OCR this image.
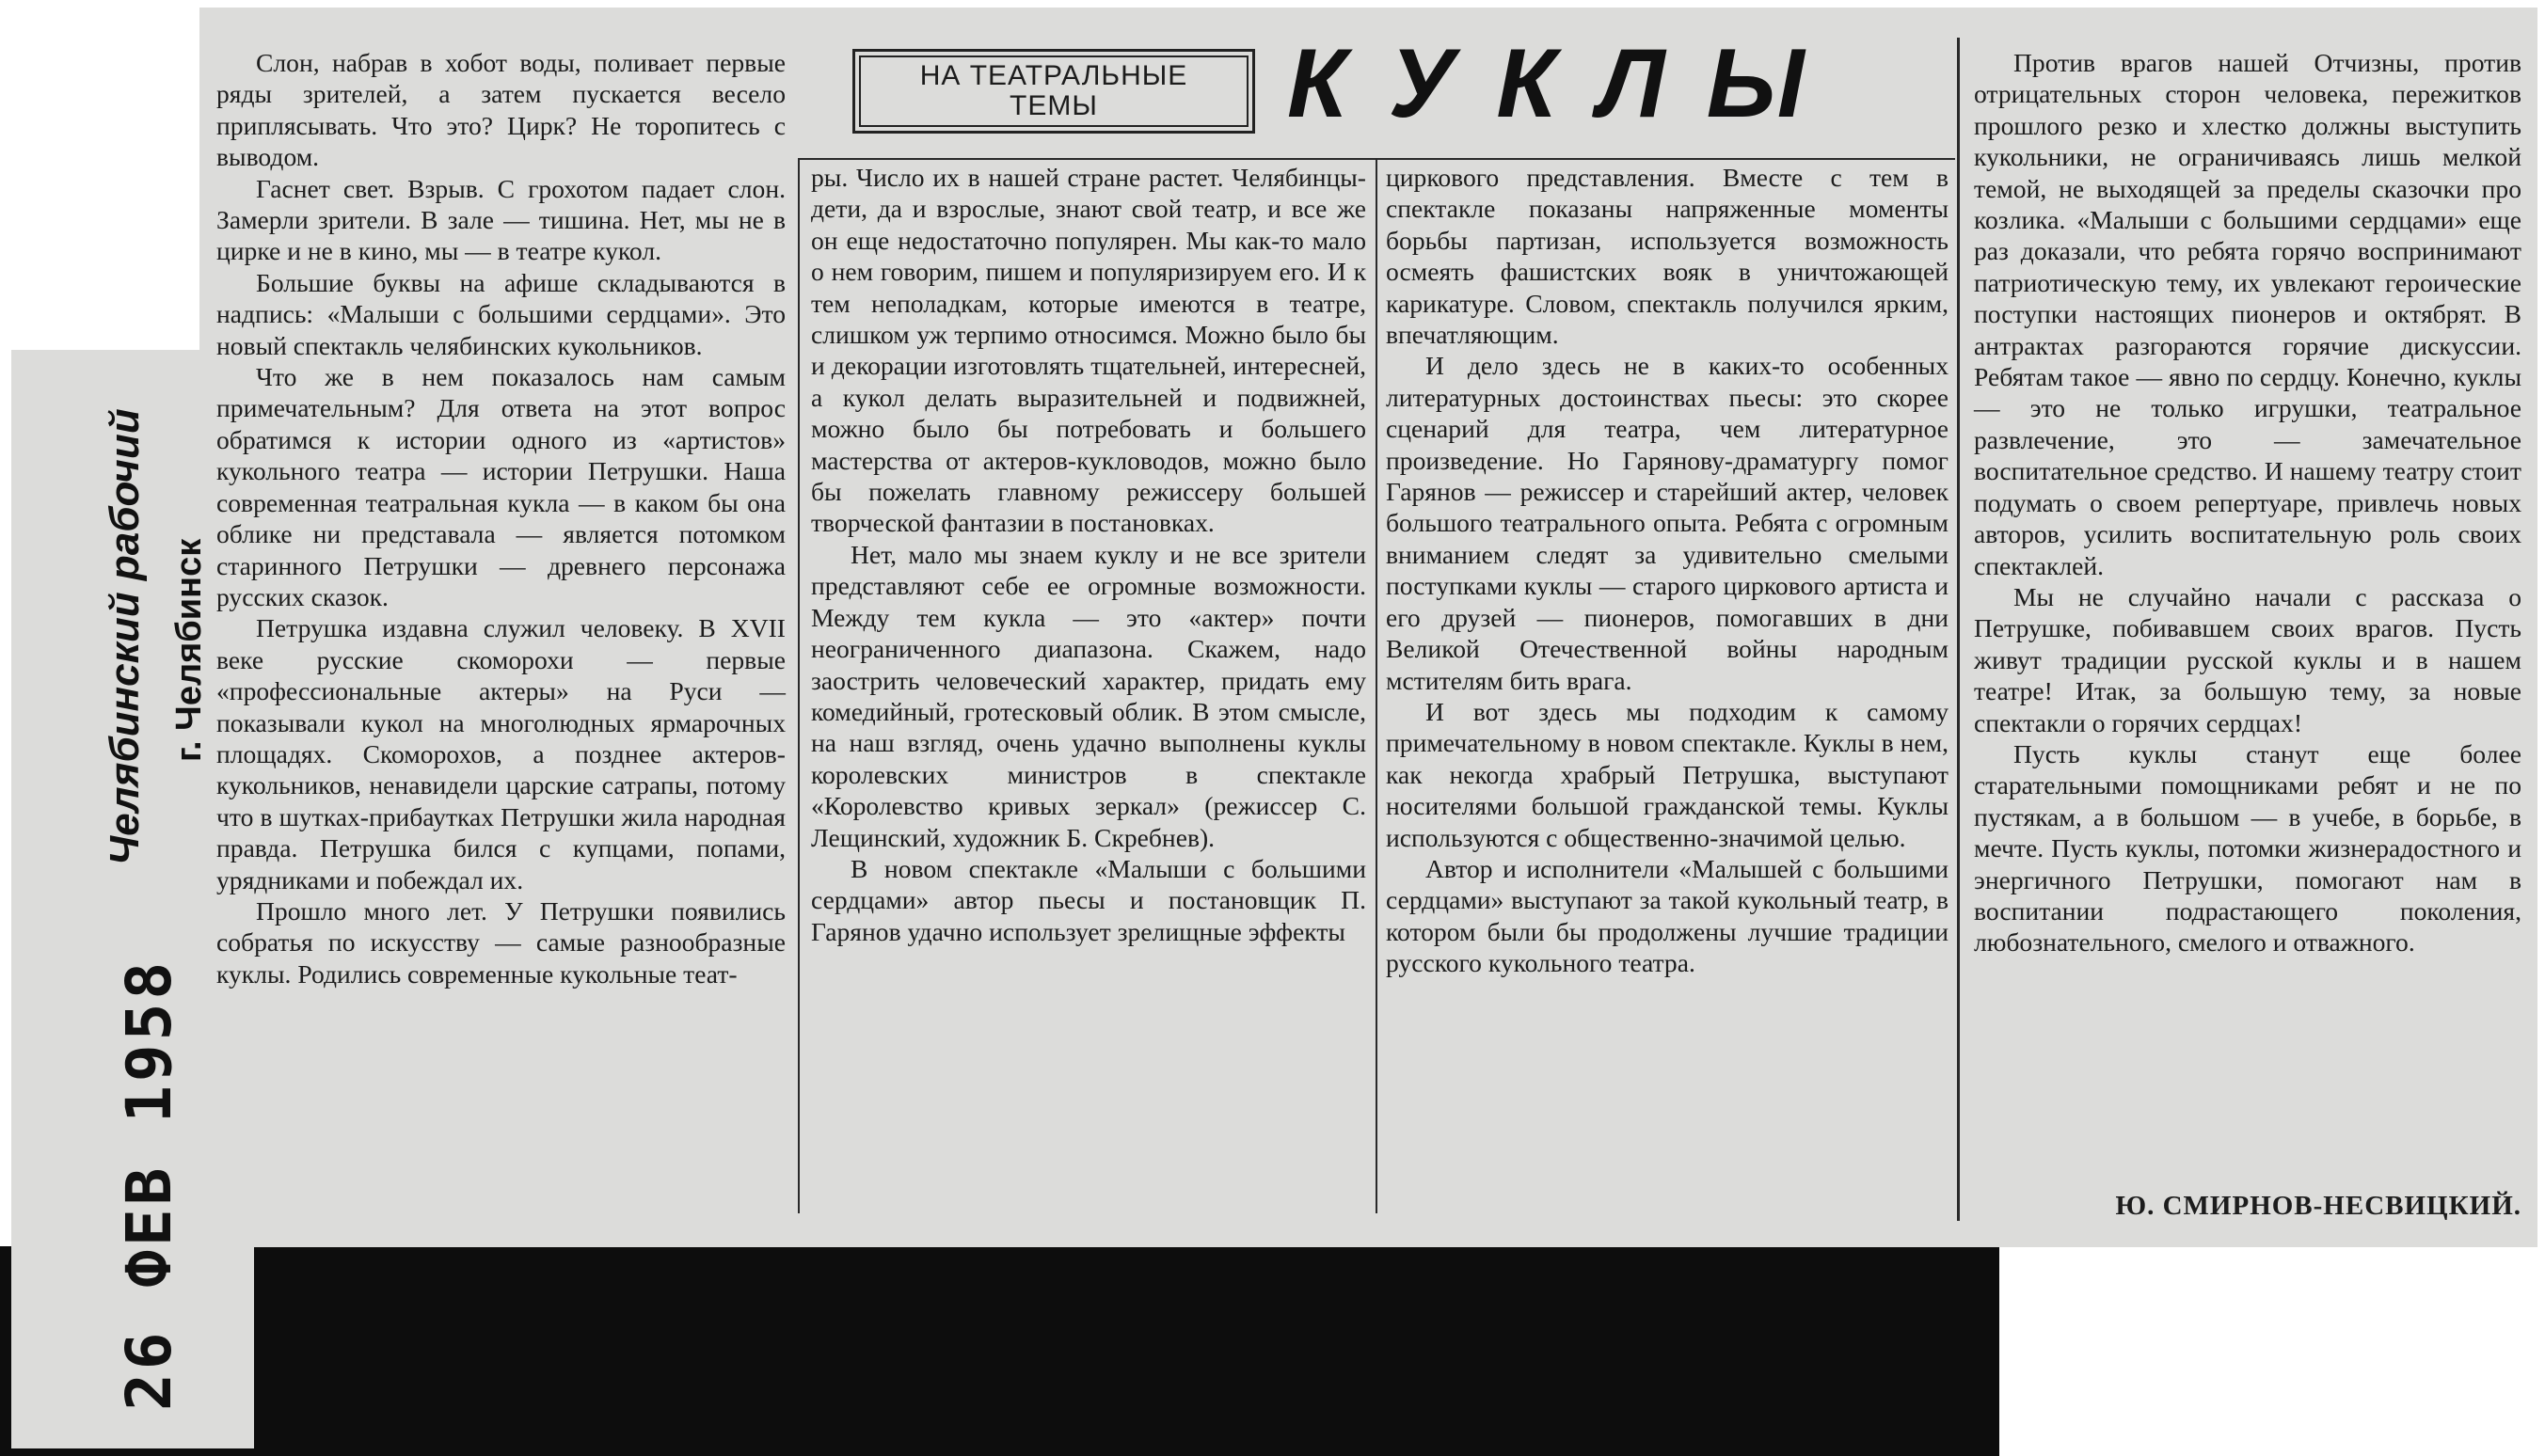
26 ФЕВ 1958
Челябинский рабочий г. Челябинск
НА ТЕАТРАЛЬНЫЕ
ТЕМЫ КУКЛЫ

Слон, набрав в хобот воды, поливает первые ряды зрителей, а затем пускается весело приплясывать. Что это? Цирк? Не торопитесь с выводом.

Гаснет свет. Взрыв. С грохотом падает слон. Замерли зрители. В зале — тишина. Нет, мы не в цирке и не в кино, мы — в театре кукол.

Большие буквы на афише складываются в надпись: «Малыши с большими сердцами». Это новый спектакль челябинских кукольников.

Что же в нем показалось нам самым примечательным? Для ответа на этот вопрос обратимся к истории одного из «артистов» кукольного театра — истории Петрушки. Наша современная театральная кукла — в каком бы она облике ни представала — является потомком старинного Петрушки — древнего персонажа русских сказок.

Петрушка издавна служил человеку. В XVII веке русские скоморохи — первые «профессиональные актеры» на Руси — показывали кукол на многолюдных ярмарочных площадях. Скоморохов, а позднее актеров-кукольников, ненавидели царские сатрапы, потому что в шутках-прибаутках Петрушки жила народная правда. Петрушка бился с купцами, попами, урядниками и побеждал их.

Прошло много лет. У Петрушки появились собратья по искусству — самые разнообразные куклы. Родились современные кукольные теат-

ры. Число их в нашей стране растет. Челябинцы-дети, да и взрослые, знают свой театр, и все же он еще недостаточно популярен. Мы как-то мало о нем говорим, пишем и популяризируем его. И к тем неполадкам, которые имеются в театре, слишком уж терпимо относимся. Можно было бы и декорации изготовлять тщательней, интересней, а кукол делать выразительней и подвижней, можно было бы потребовать и большего мастерства от актеров-кукловодов, можно было бы пожелать главному режиссеру большей творческой фантазии в постановках.

Нет, мало мы знаем куклу и не все зрители представляют себе ее огромные возможности. Между тем кукла — это «актер» почти неограниченного диапазона. Скажем, надо заострить человеческий характер, придать ему комедийный, гротесковый облик. В этом смысле, на наш взгляд, очень удачно выполнены куклы королевских министров в спектакле «Королевство кривых зеркал» (режиссер С. Лещинский, художник Б. Скребнев).

В новом спектакле «Малыши с большими сердцами» автор пьесы и постановщик П. Гарянов удачно использует зрелищные эффекты

циркового представления. Вместе с тем в спектакле показаны напряженные моменты борьбы партизан, используется возможность осмеять фашистских вояк в уничтожающей карикатуре. Словом, спектакль получился ярким, впечатляющим.

И дело здесь не в каких-то особенных литературных достоинствах пьесы: это скорее сценарий для театра, чем литературное произведение. Но Гарянову-драматургу помог Гарянов — режиссер и старейший актер, человек большого театрального опыта. Ребята с огромным вниманием следят за удивительно смелыми поступками куклы — старого циркового артиста и его друзей — пионеров, помогавших в дни Великой Отечественной войны народным мстителям бить врага.

И вот здесь мы подходим к самому примечательному в новом спектакле. Куклы в нем, как некогда храбрый Петрушка, выступают носителями большой гражданской темы. Куклы используются с общественно-значимой целью.

Автор и исполнители «Малышей с большими сердцами» выступают за такой кукольный театр, в котором были бы продолжены лучшие традиции русского кукольного театра.

Против врагов нашей Отчизны, против отрицательных сторон человека, пережитков прошлого резко и хлестко должны выступить кукольники, не ограничиваясь лишь мелкой темой, не выходящей за пределы сказочки про козлика. «Малыши с большими сердцами» еще раз доказали, что ребята горячо воспринимают патриотическую тему, их увлекают героические поступки настоящих пионеров и октябрят. В антрактах разгораются горячие дискуссии. Ребятам такое — явно по сердцу. Конечно, куклы — это не только игрушки, театральное развлечение, это — замечательное воспитательное средство. И нашему театру стоит подумать о своем репертуаре, привлечь новых авторов, усилить воспитательную роль своих спектаклей.

Мы не случайно начали с рассказа о Петрушке, побивавшем своих врагов. Пусть живут традиции русской куклы и в нашем театре! Итак, за большую тему, за новые спектакли о горячих сердцах!

Пусть куклы станут еще более старательными помощниками ребят и не по пустякам, а в большом — в учебе, в борьбе, в мечте. Пусть куклы, потомки жизнерадостного и энергичного Петрушки, помогают нам в воспитании подрастающего поколения, любознательного, смелого и отважного.

Ю. СМИРНОВ-НЕСВИЦКИЙ.
